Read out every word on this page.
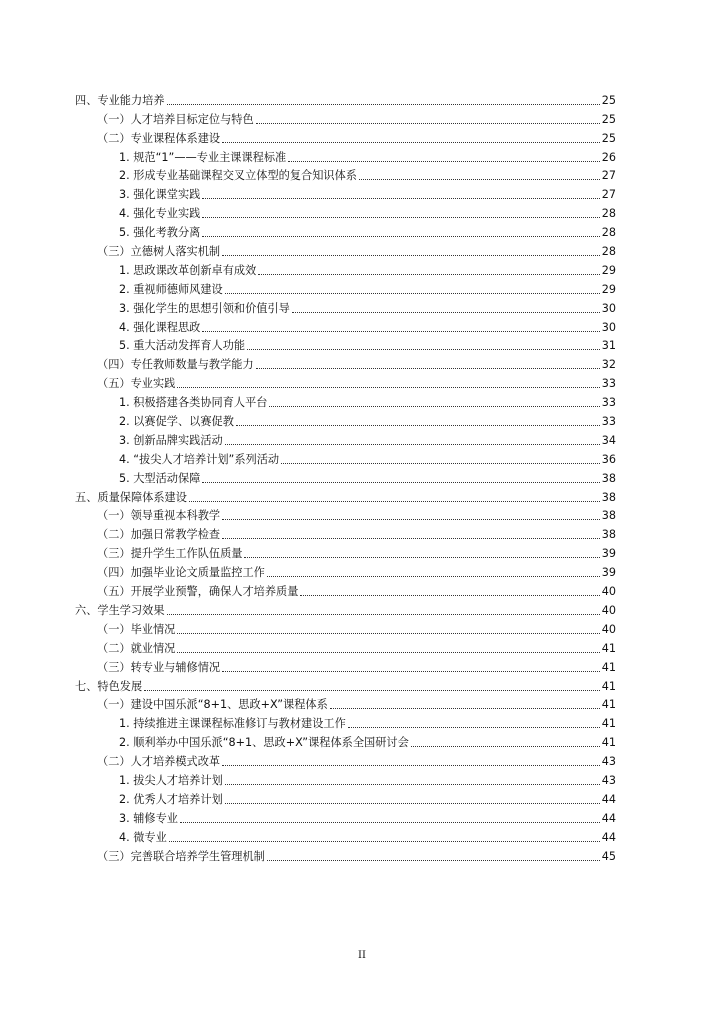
四、专业能力培养	25
（一）人才培养目标定位与特色	25
（二）专业课程体系建设	25
1. 规范“1”——专业主课课程标准	26
2. 形成专业基础课程交叉立体型的复合知识体系	27
3. 强化课堂实践	27
4. 强化专业实践	28
5. 强化考教分离	28
（三）立德树人落实机制	28
1. 思政课改革创新卓有成效	29
2. 重视师德师风建设	29
3. 强化学生的思想引领和价值引导	30
4. 强化课程思政	30
5. 重大活动发挥育人功能	31
（四）专任教师数量与教学能力	32
（五）专业实践	33
1. 积极搭建各类协同育人平台	33
2. 以赛促学、以赛促教	33
3. 创新品牌实践活动	34
4. “拔尖人才培养计划”系列活动	36
5. 大型活动保障	38
五、质量保障体系建设	38
（一）领导重视本科教学	38
（二）加强日常教学检查	38
（三）提升学生工作队伍质量	39
（四）加强毕业论文质量监控工作	39
（五）开展学业预警，确保人才培养质量	40
六、学生学习效果	40
（一）毕业情况	40
（二）就业情况	41
（三）转专业与辅修情况	41
七、特色发展	41
（一）建设中国乐派“8+1、思政+X”课程体系	41
1. 持续推进主课课程标准修订与教材建设工作	41
2. 顺利举办中国乐派“8+1、思政+X”课程体系全国研讨会	41
（二）人才培养模式改革	43
1. 拔尖人才培养计划	43
2. 优秀人才培养计划	44
3. 辅修专业	44
4. 微专业	44
（三）完善联合培养学生管理机制	45
II
